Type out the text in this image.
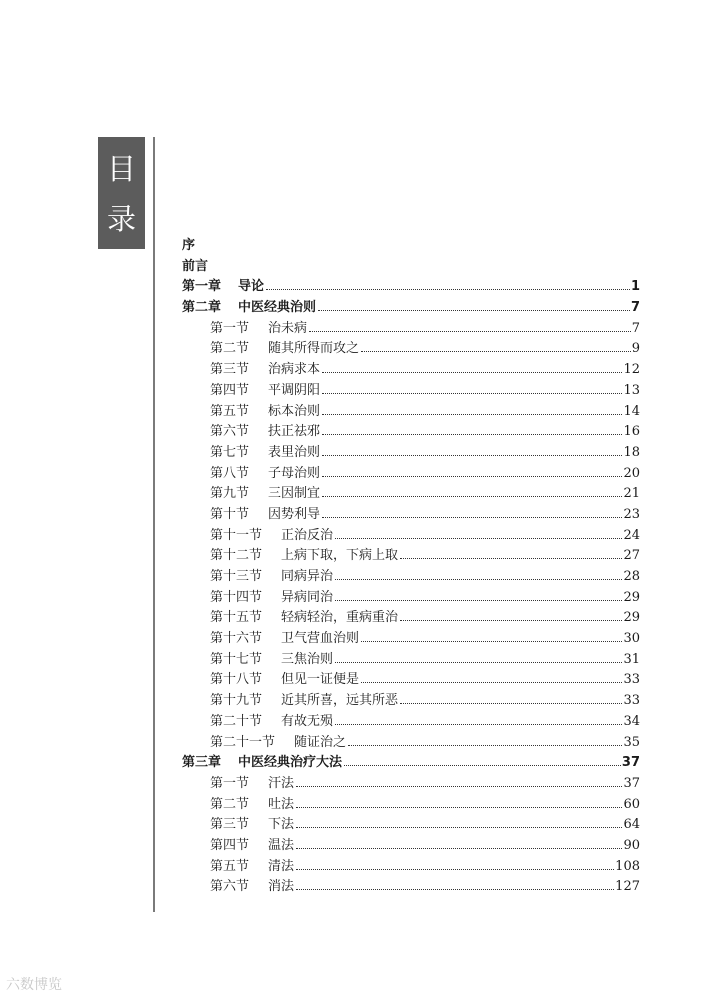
目
录
序
前言
第一章	导论	1
第二章	中医经典治则	7
第一节	治未病	7
第二节	随其所得而攻之	9
第三节	治病求本	12
第四节	平调阴阳	13
第五节	标本治则	14
第六节	扶正祛邪	16
第七节	表里治则	18
第八节	子母治则	20
第九节	三因制宜	21
第十节	因势利导	23
第十一节	正治反治	24
第十二节	上病下取，下病上取	27
第十三节	同病异治	28
第十四节	异病同治	29
第十五节	轻病轻治，重病重治	29
第十六节	卫气营血治则	30
第十七节	三焦治则	31
第十八节	但见一证便是	33
第十九节	近其所喜，远其所恶	33
第二十节	有故无殒	34
第二十一节	随证治之	35
第三章	中医经典治疗大法	37
第一节	汗法	37
第二节	吐法	60
第三节	下法	64
第四节	温法	90
第五节	清法	108
第六节	消法	127
六数博览
